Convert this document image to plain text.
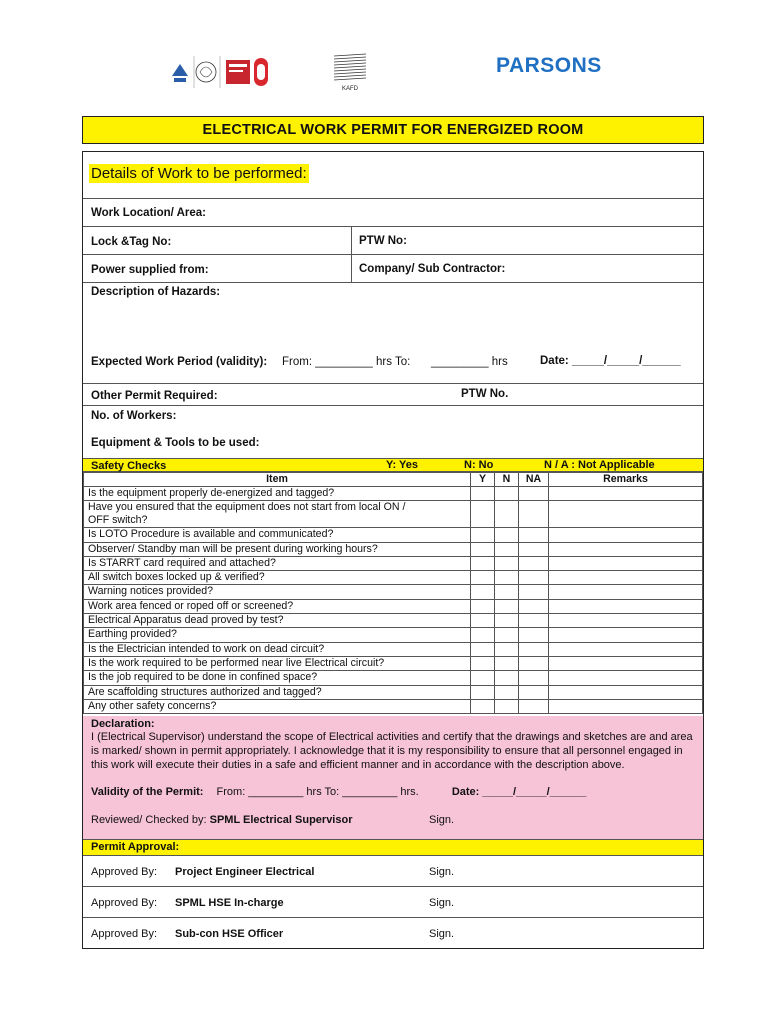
KAFD
PARSONS
ELECTRICAL WORK PERMIT FOR ENERGIZED ROOM
Details of Work to be performed:
Work Location/ Area:
Lock &Tag No:	PTW No:
Power supplied from:	Company/ Sub Contractor:
Description of Hazards:
Expected Work Period (validity): From: _________ hrs To: _________ hrs	Date: _____/_____/______
Other Permit Required:	PTW No.
No. of Workers:
Equipment & Tools to be used:
Safety Checks	Y: Yes	N: No	N / A : Not Applicable
Item	Y	N	NA	Remarks
Is the equipment properly de-energized and tagged?				

Have you ensured that the equipment does not start from local ON /
OFF switch?				

Is LOTO Procedure is available and communicated?				
Observer/ Standby man will be present during working hours?				
Is STARRT card required and attached?				
All switch boxes locked up & verified?				
Warning notices provided?				
Work area fenced or roped off or screened?				
Electrical Apparatus dead proved by test?				
Earthing provided?				
Is the Electrician intended to work on dead circuit?				
Is the work required to be performed near live Electrical circuit?				
Is the job required to be done in confined space?				
Are scaffolding structures authorized and tagged?				
Any other safety concerns?				
Declaration:
I (Electrical Supervisor) understand the scope of Electrical activities and certify that the drawings and sketches are and area is marked/ shown in permit appropriately. I acknowledge that it is my responsibility to ensure that all personnel engaged in this work will execute their duties in a safe and efficient manner and in accordance with the description above.
Validity of the Permit: From: _________ hrs To: _________ hrs.	Date: _____/_____/______
Reviewed/ Checked by: SPML Electrical Supervisor	Sign.
Permit Approval:
Approved By: Project Engineer Electrical	Sign.
Approved By: SPML HSE In-charge	Sign.
Approved By: Sub-con HSE Officer	Sign.
